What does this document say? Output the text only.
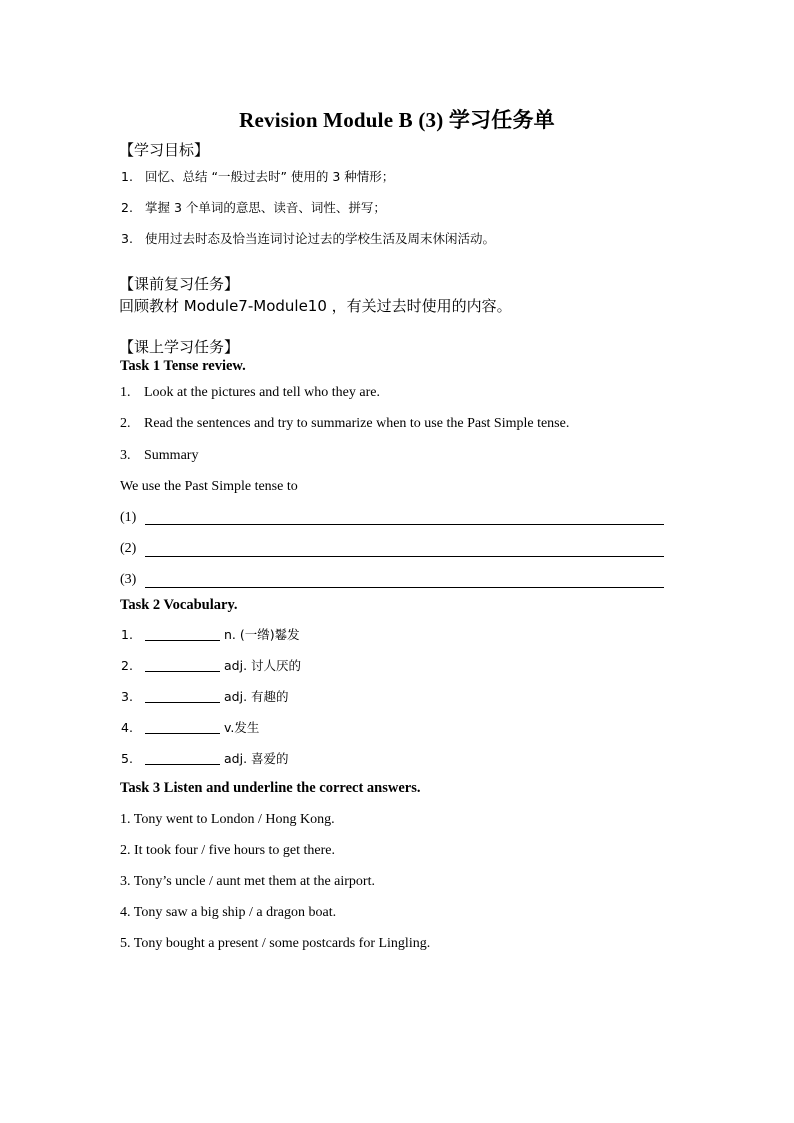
Revision Module B (3) 学习任务单
【学习目标】
1. 回忆、总结 “一般过去时” 使用的 3 种情形；
2. 掌握 3 个单词的意思、读音、词性、拼写；
3. 使用过去时态及恰当连词讨论过去的学校生活及周末休闲活动。
【课前复习任务】
回顾教材 Module7-Module10 ，有关过去时使用的内容。
【课上学习任务】
Task 1 Tense review.
1. Look at the pictures and tell who they are.
2. Read the sentences and try to summarize when to use the Past Simple tense.
3. Summary
We use the Past Simple tense to
(1)
(2)
(3)
Task 2 Vocabulary.
1.	n. (一绺)鬈发
2.	adj. 讨人厌的
3.	adj. 有趣的
4.	v.发生
5.	adj. 喜爱的
Task 3 Listen and underline the correct answers.
1. Tony went to London / Hong Kong.
2. It took four / five hours to get there.
3. Tony’s uncle / aunt met them at the airport.
4. Tony saw a big ship / a dragon boat.
5. Tony bought a present / some postcards for Lingling.
